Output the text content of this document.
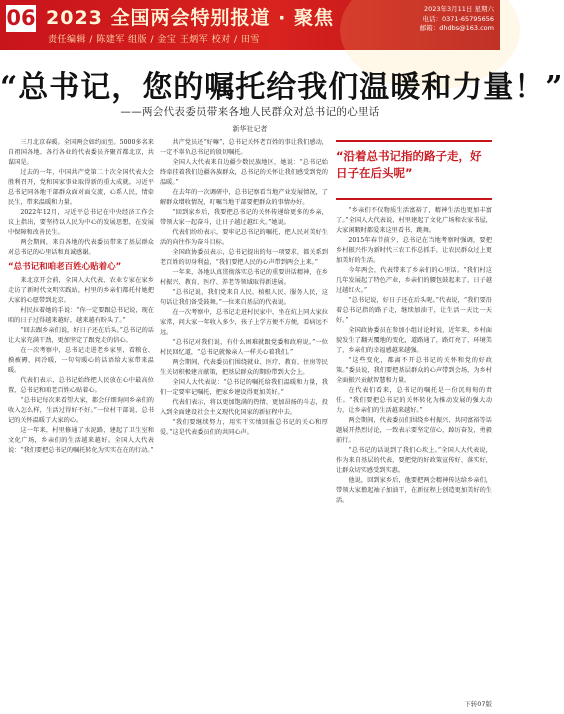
06 2023 全国两会特别报道 · 聚焦
责任编辑 / 陈建军 组版 / 金宝 王炳军 校对 / 田雪
2023年3月11日 星期六
电话：0371-65795656
邮箱：dhdbs@163.com
“总书记，您的嘱托给我们温暖和力量！”
——两会代表委员带来各地人民群众对总书记的心里话
新华社记者

三月北京春暖。全国两会如约而至。5000多名来自祖国各地、各行各业的代表委员齐聚首都北京，共谋国是。

过去的一年，中国共产党第二十次全国代表大会胜利召开，党和国家事业取得新的重大成就。习近平总书记同各地干部群众面对面交流，心系人民，情牵民生，带来温暖和力量。

2022年12月，习近平总书记在中央经济工作会议上指出，要坚持以人民为中心的发展思想，在发展中保障和改善民生。

两会期间，来自各地的代表委员带来了基层群众对总书记的心里话和真诚感谢。

“总书记和咱老百姓心贴着心”

来北京开会前，全国人大代表、农业专家在家乡走访了新时代文明实践站，村里的乡亲们都托付她把大家的心愿带到北京。

村民拉着她的手说：“你一定要跟总书记说，现在咱的日子过得越来越好，越来越有盼头了。”

“回去跟乡亲们说，好日子还在后头。”总书记的话让大家充满干劲，更加坚定了跟党走的信心。

在一次考察中，总书记走进老乡家里，看粮仓、摸被褥、问冷暖，一句句暖心的话语给大家带来温暖。

代表们表示，总书记始终把人民放在心中最高位置，总书记和咱老百姓心贴着心。

“总书记每次来看望大家，都会仔细询问乡亲们的收入怎么样，生活过得好不好。”一位村干部说，总书记的关怀温暖了大家的心。

这一年来，村里修通了水泥路，建起了卫生室和文化广场，乡亲们的生活越来越好。全国人大代表说：“我们要把总书记的嘱托转化为实实在在的行动。”

共产党员还“好嘛”，总书记关怀老百姓的事让我们感动，一定不辜负总书记的殷切嘱托。

全国人大代表来自边疆少数民族地区，她说：“总书记始终牵挂着我们边疆各族群众，总书记的关怀让我们感受到党的温暖。”

在去年的一次调研中，总书记察看当地产业发展情况，了解群众增收情况，叮嘱当地干部要把群众的事情办好。

“回到家乡后，我要把总书记的关怀传递给更多的乡亲，带领大家一起奋斗，让日子越过越红火。”她说。

代表们纷纷表示，要牢记总书记的嘱托，把人民对美好生活的向往作为奋斗目标。

全国政协委员表示，总书记提出的每一项要求，都关系到老百姓的切身利益，“我们要把人民的心声带到两会上来。”

一年来，各地认真贯彻落实总书记的重要讲话精神，在乡村振兴、教育、医疗、养老等领域取得新进展。

“总书记说，我们党来自人民、植根人民、服务人民，这句话让我们备受鼓舞。”一位来自基层的代表说。

在一次考察中，总书记走进村民家中，坐在炕上同大家拉家常，问大家一年收入多少，孩子上学方便不方便，看病远不远。

“总书记对我们说，有什么困难就跟党委和政府说。”一位村民回忆道，“总书记就像亲人一样关心着我们。”

两会期间，代表委员们围绕就业、医疗、教育、住房等民生关切积极建言献策，把基层群众的期盼带到大会上。

全国人大代表说：“总书记的嘱托给我们温暖和力量，我们一定要牢记嘱托，把家乡建设得更加美好。”

代表们表示，将以更加饱满的热情、更加昂扬的斗志，投入到全面建设社会主义现代化国家的新征程中去。

“我们要继续努力，用实干实绩回报总书记的关心和厚爱。”这是代表委员们的共同心声。

“沿着总书记指的路子走，好日子在后头呢”

“乡亲们不仅物质生活富裕了，精神生活也更加丰富了。”全国人大代表说，村里建起了文化广场和农家书屋，大家闲暇时都爱来这里看书、跳舞。

2015年春节前夕，总书记在当地考察时强调，要把乡村振兴作为新时代三农工作总抓手，让农民群众过上更加美好的生活。

今年两会，代表带来了乡亲们的心里话。“我们村这几年发展起了特色产业，乡亲们的腰包鼓起来了，日子越过越红火。”

“总书记说，好日子还在后头呢。”代表说，“我们要沿着总书记指的路子走，继续加油干，让生活一天比一天好。”

全国政协委员在参加小组讨论时说，近年来，乡村面貌发生了翻天覆地的变化，道路通了，路灯亮了，环境美了，乡亲们的幸福感越来越强。

“这些变化，都离不开总书记的关怀和党的好政策。”委员说，我们要把基层群众的心声带到会场，为乡村全面振兴贡献智慧和力量。

在代表们看来，总书记的嘱托是一份沉甸甸的责任。“我们要把总书记的关怀转化为推动发展的强大动力，让乡亲们的生活越来越好。”

两会期间，代表委员们围绕乡村振兴、共同富裕等话题展开热烈讨论，一致表示要坚定信心，踔厉奋发，勇毅前行。

“总书记的话说到了我们心坎上。”全国人大代表说，作为来自基层的代表，要把党的好政策宣传好、落实好，让群众切实感受到实惠。

他说，回到家乡后，他要把两会精神传达给乡亲们，带领大家撸起袖子加油干，在新征程上创造更加美好的生活。

下转07版
